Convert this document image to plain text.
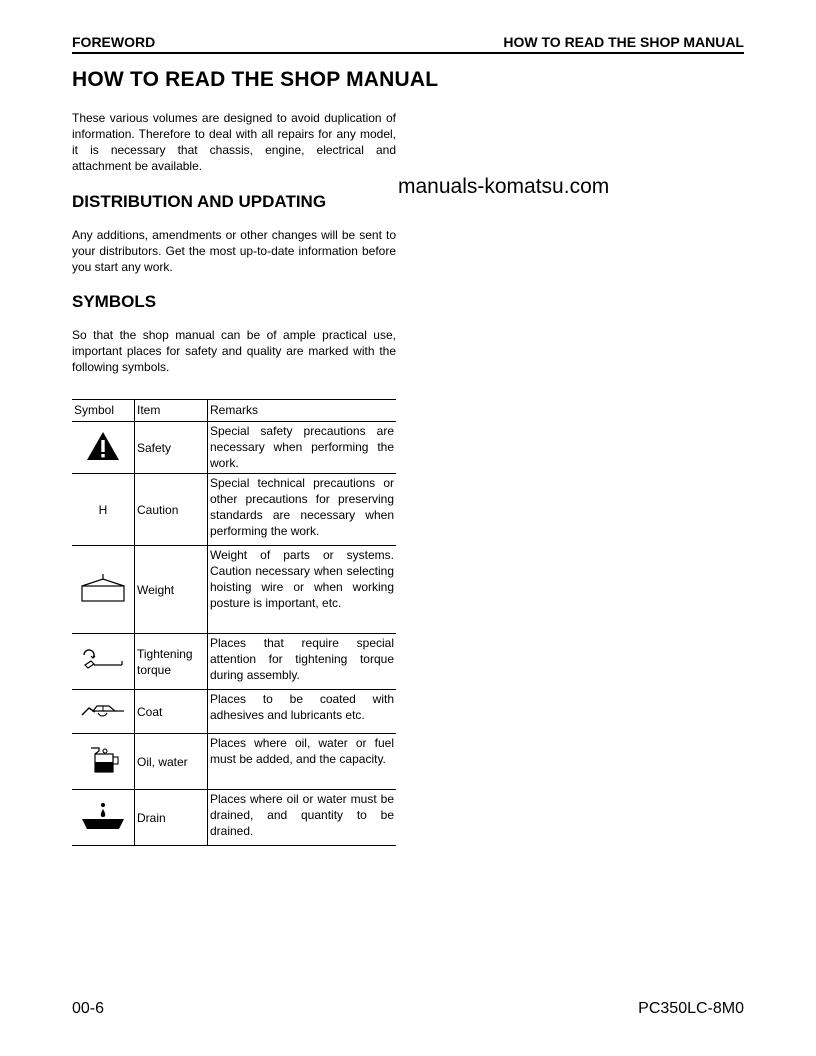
FOREWORD	HOW TO READ THE SHOP MANUAL
HOW TO READ THE SHOP MANUAL

These various volumes are designed to avoid duplication of information. Therefore to deal with all repairs for any model, it is necessary that chassis, engine, electrical and attachment be available.

manuals-komatsu.com
DISTRIBUTION AND UPDATING

Any additions, amendments or other changes will be sent to your distributors. Get the most up-to-date information before you start any work.

SYMBOLS

So that the shop manual can be of ample practical use, important places for safety and quality are marked with the following symbols.

Symbol	Item	Remarks
	Safety	Special safety precautions are necessary when performing the work.
H	Caution	Special technical precautions or other precautions for preserving standards are necessary when performing the work.
	Weight	Weight of parts or systems. Caution necessary when selecting hoisting wire or when working posture is important, etc.
	Tightening torque	Places that require special attention for tightening torque during assembly.
	Coat	Places to be coated with adhesives and lubricants etc.
	Oil, water	Places where oil, water or fuel must be added, and the capacity.
	Drain	Places where oil or water must be drained, and quantity to be drained.
00-6	PC350LC-8M0
